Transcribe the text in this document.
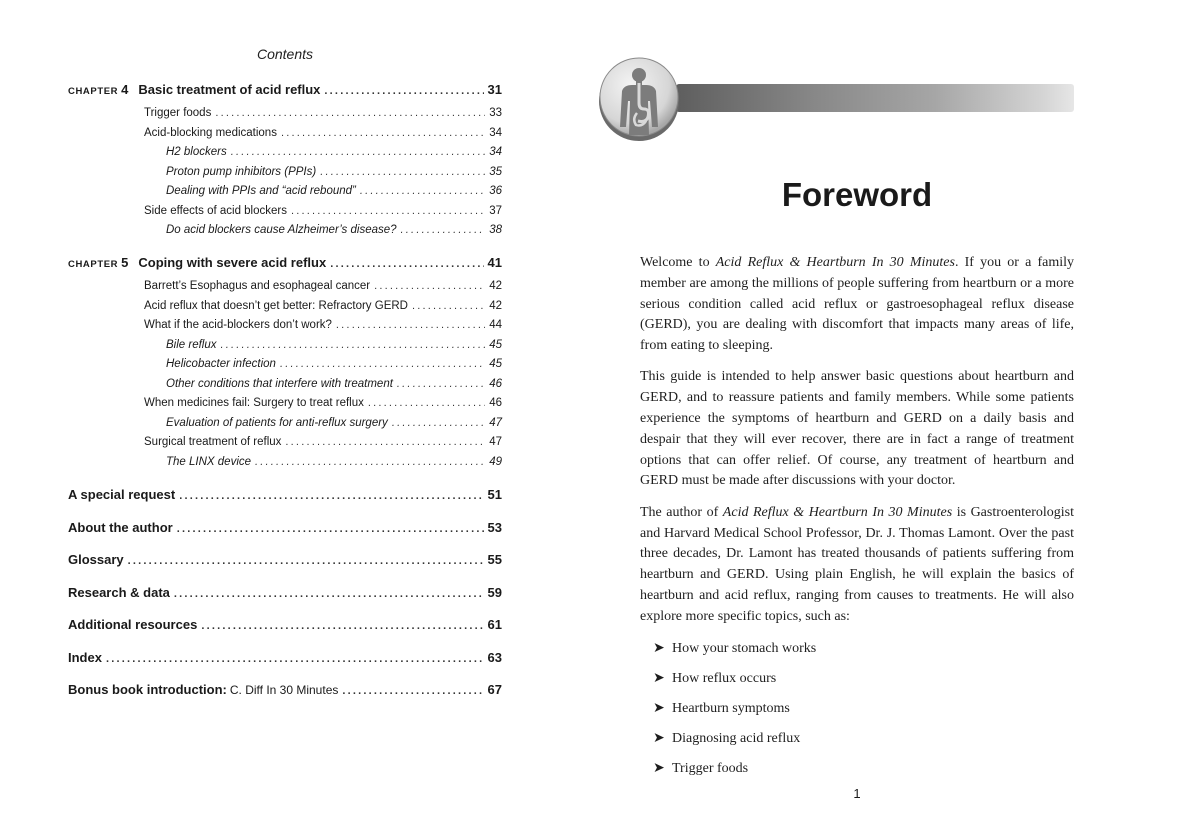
Contents
CHAPTER 4 Basic treatment of acid reflux .....	31
Trigger foods .....	33
Acid-blocking medications .....	34
H2 blockers .....	34
Proton pump inhibitors (PPIs) .....	35
Dealing with PPIs and “acid rebound” .....	36
Side effects of acid blockers .....	37
Do acid blockers cause Alzheimer’s disease? .....	38
CHAPTER 5 Coping with severe acid reflux .....	41
Barrett’s Esophagus and esophageal cancer .....	42
Acid reflux that doesn’t get better: Refractory GERD .....	42
What if the acid-blockers don’t work? .....	44
Bile reflux .....	45
Helicobacter infection .....	45
Other conditions that interfere with treatment .....	46
When medicines fail: Surgery to treat reflux .....	46
Evaluation of patients for anti-reflux surgery .....	47
Surgical treatment of reflux .....	47
The LINX device .....	49
A special request .....	51
About the author .....	53
Glossary .....	55
Research & data .....	59
Additional resources .....	61
Index .....	63
Bonus book introduction: C. Diff In 30 Minutes .....	67
Foreword

Welcome to Acid Reflux & Heartburn In 30 Minutes. If you or a family member are among the millions of people suffering from heartburn or a more serious condition called acid reflux or gastroesophageal reflux disease (GERD), you are dealing with discomfort that impacts many areas of life, from eating to sleeping.

This guide is intended to help answer basic questions about heartburn and GERD, and to reassure patients and family members. While some patients experience the symptoms of heartburn and GERD on a daily basis and despair that they will ever recover, there are in fact a range of treatment options that can offer relief. Of course, any treatment of heartburn and GERD must be made after discussions with your doctor.

The author of Acid Reflux & Heartburn In 30 Minutes is Gastroenterologist and Harvard Medical School Professor, Dr. J. Thomas Lamont. Over the past three decades, Dr. Lamont has treated thousands of patients suffering from heartburn and GERD. Using plain English, he will explain the basics of heartburn and acid reflux, ranging from causes to treatments. He will also explore more specific topics, such as:

➤ How your stomach works
➤ How reflux occurs
➤ Heartburn symptoms
➤ Diagnosing acid reflux
➤ Trigger foods
1
